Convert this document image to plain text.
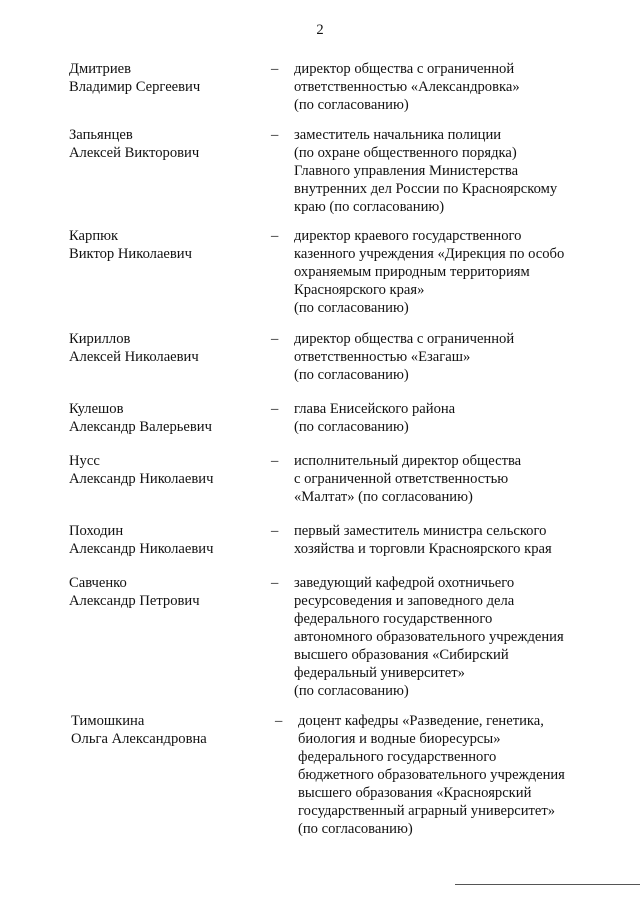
2
Дмитриев
Владимир Сергеевич
– директор общества с ограниченной
ответственностью «Александровка»
(по согласованию)
Запьянцев
Алексей Викторович
– заместитель начальника полиции
(по охране общественного порядка)
Главного управления Министерства
внутренних дел России по Красноярскому
краю (по согласованию)
Карпюк
Виктор Николаевич
– директор краевого государственного
казенного учреждения «Дирекция по особо
охраняемым природным территориям
Красноярского края»
(по согласованию)
Кириллов
Алексей Николаевич
– директор общества с ограниченной
ответственностью «Езагаш»
(по согласованию)
Кулешов
Александр Валерьевич
– глава Енисейского района
(по согласованию)
Нусс
Александр Николаевич
– исполнительный директор общества
с ограниченной ответственностью
«Малтат» (по согласованию)
Походин
Александр Николаевич
– первый заместитель министра сельского
хозяйства и торговли Красноярского края
Савченко
Александр Петрович
– заведующий кафедрой охотничьего
ресурсоведения и заповедного дела
федерального государственного
автономного образовательного учреждения
высшего образования «Сибирский
федеральный университет»
(по согласованию)
Тимошкина
Ольга Александровна
– доцент кафедры «Разведение, генетика,
биология и водные биоресурсы»
федерального государственного
бюджетного образовательного учреждения
высшего образования «Красноярский
государственный аграрный университет»
(по согласованию)
